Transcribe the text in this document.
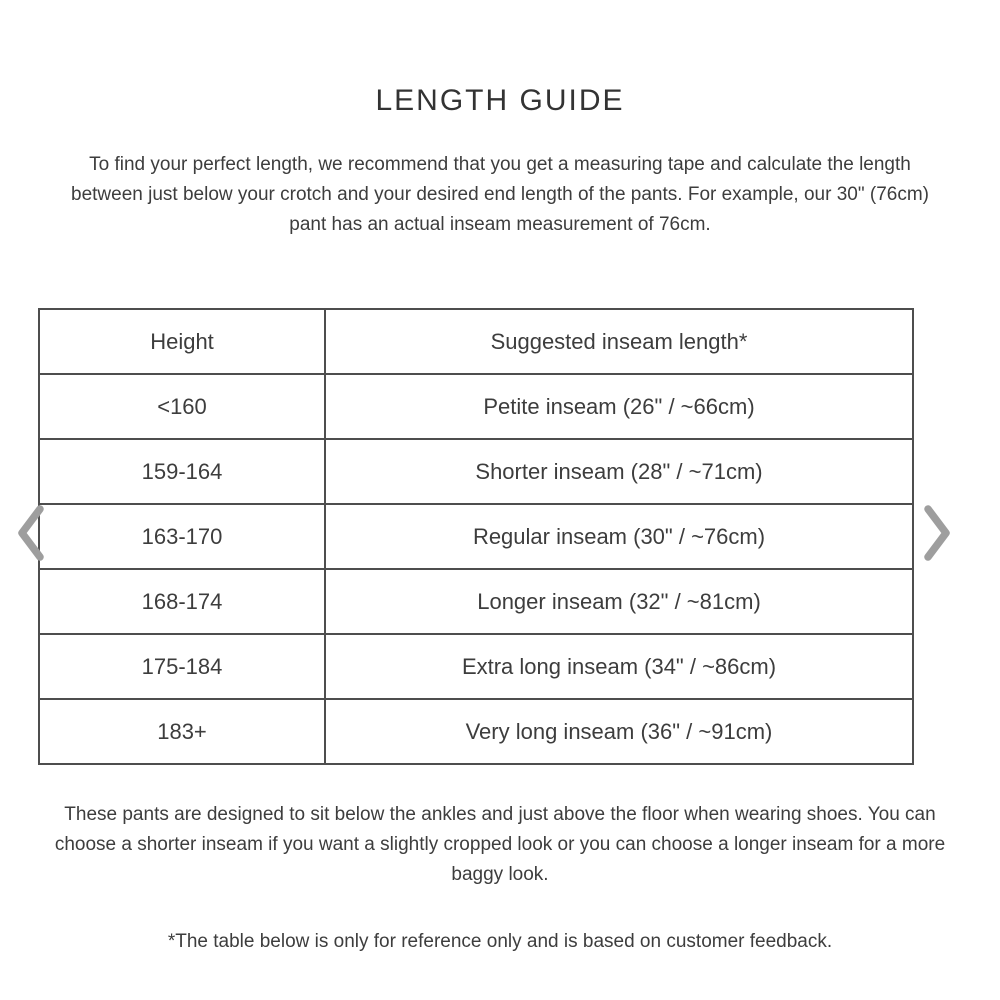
LENGTH GUIDE

To find your perfect length, we recommend that you get a measuring tape and calculate the length between just below your crotch and your desired end length of the pants. For example, our 30" (76cm) pant has an actual inseam measurement of 76cm.

Height	Suggested inseam length*
<160	Petite inseam (26" / ~66cm)
159-164	Shorter inseam (28" / ~71cm)
163-170	Regular inseam (30" / ~76cm)
168-174	Longer inseam (32" / ~81cm)
175-184	Extra long inseam (34" / ~86cm)
183+	Very long inseam (36" / ~91cm)

These pants are designed to sit below the ankles and just above the floor when wearing shoes. You can choose a shorter inseam if you want a slightly cropped look or you can choose a longer inseam for a more baggy look.

*The table below is only for reference only and is based on customer feedback.
